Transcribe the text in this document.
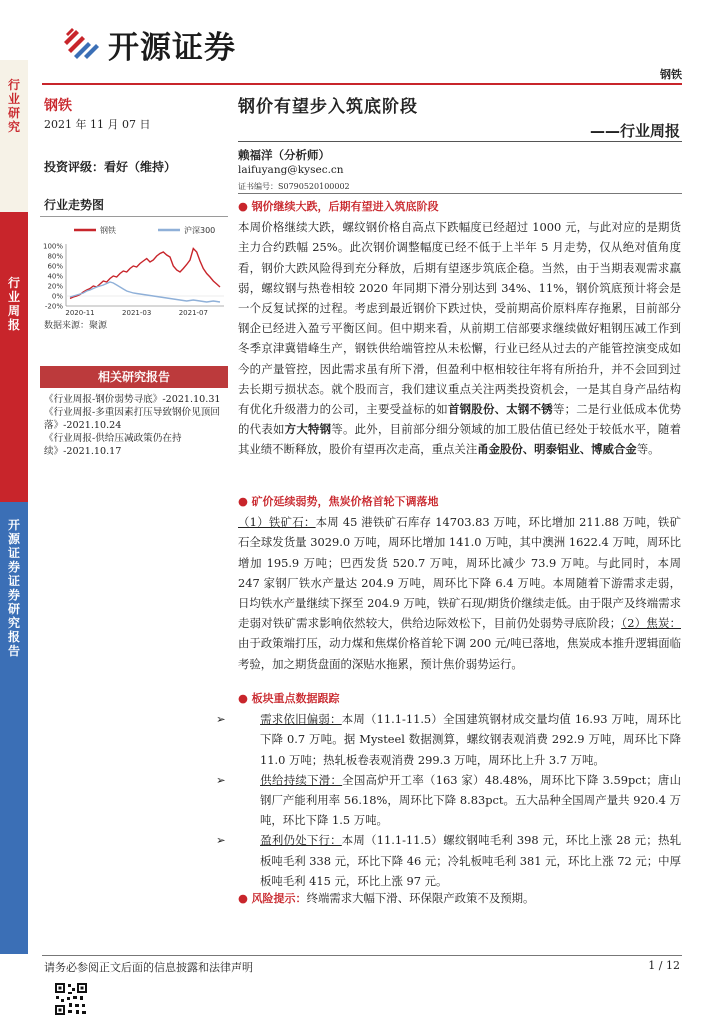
开源证券
钢铁
行业研究
行业周报
开源证券 证券研究报告
钢铁
2021 年 11 月 07 日
投资评级：看好（维持）
行业走势图
钢铁	沪深300
100%
80%
60%
40%
20%
0%
-20%
2020-11	2021-03	2021-07
数据来源：聚源
相关研究报告
《行业周报-钢价弱势寻底》-2021.10.31
《行业周报-多重因素打压导致钢价见顶回落》-2021.10.24
《行业周报-供给压减政策仍在持续》-2021.10.17
钢价有望步入筑底阶段
——行业周报
赖福洋（分析师）
laifuyang@kysec.cn
证书编号：S0790520100002
● 钢价继续大跌，后期有望进入筑底阶段
本周价格继续大跌，螺纹钢价格自高点下跌幅度已经超过 1000 元，与此对应的是期货主力合约跌幅 25%。此次钢价调整幅度已经不低于上半年 5 月走势，仅从绝对值角度看，钢价大跌风险得到充分释放，后期有望逐步筑底企稳。当然，由于当期表观需求羸弱，螺纹钢与热卷相较 2020 年同期下滑分别达到 34%、11%，钢价筑底预计将会是一个反复试探的过程。考虑到最近钢价下跌过快，受前期高价原料库存拖累，目前部分钢企已经进入盈亏平衡区间。但中期来看，从前期工信部要求继续做好粗钢压减工作到冬季京津冀错峰生产，钢铁供给端管控从未松懈，行业已经从过去的产能管控演变成如今的产量管控，因此需求虽有所下滑，但盈利中枢相较往年将有所抬升，并不会回到过去长期亏损状态。就个股而言，我们建议重点关注两类投资机会，一是其自身产品结构有优化升级潜力的公司，主要受益标的如首钢股份、太钢不锈等；二是行业低成本优势的代表如方大特钢等。此外，目前部分细分领域的加工股估值已经处于较低水平，随着其业绩不断释放，股价有望再次走高，重点关注甬金股份、明泰铝业、博威合金等。
● 矿价延续弱势，焦炭价格首轮下调落地
（1）铁矿石：本周 45 港铁矿石库存 14703.83 万吨，环比增加 211.88 万吨，铁矿石全球发货量 3029.0 万吨，周环比增加 141.0 万吨，其中澳洲 1622.4 万吨，周环比增加 195.9 万吨；巴西发货 520.7 万吨，周环比减少 73.9 万吨。与此同时，本周 247 家钢厂铁水产量达 204.9 万吨，周环比下降 6.4 万吨。本周随着下游需求走弱，日均铁水产量继续下探至 204.9 万吨，铁矿石现/期货价继续走低。由于限产及终端需求走弱对铁矿需求影响依然较大，供给边际效松下，目前仍处弱势寻底阶段；（2）焦炭：由于政策端打压，动力煤和焦煤价格首轮下调 200 元/吨已落地，焦炭成本推升逻辑面临考验，加之期货盘面的深贴水拖累，预计焦价弱势运行。
● 板块重点数据跟踪
➢	需求依旧偏弱：本周（11.1-11.5）全国建筑钢材成交量均值 16.93 万吨，周环比下降 0.7 万吨。据 Mysteel 数据测算，螺纹钢表观消费 292.9 万吨，周环比下降 11.0 万吨；热轧板卷表观消费 299.3 万吨，周环比上升 3.7 万吨。
➢	供给持续下滑：全国高炉开工率（163 家）48.48%，周环比下降 3.59pct；唐山钢厂产能利用率 56.18%，周环比下降 8.83pct。五大品种全国周产量共 920.4 万吨，环比下降 1.5 万吨。
➢	盈利仍处下行：本周（11.1-11.5）螺纹钢吨毛利 398 元，环比上涨 28 元；热轧板吨毛利 338 元，环比下降 46 元；冷轧板吨毛利 381 元，环比上涨 72 元；中厚板吨毛利 415 元，环比上涨 97 元。
● 风险提示：终端需求大幅下滑、环保限产政策不及预期。
请务必参阅正文后面的信息披露和法律声明	1 / 12
